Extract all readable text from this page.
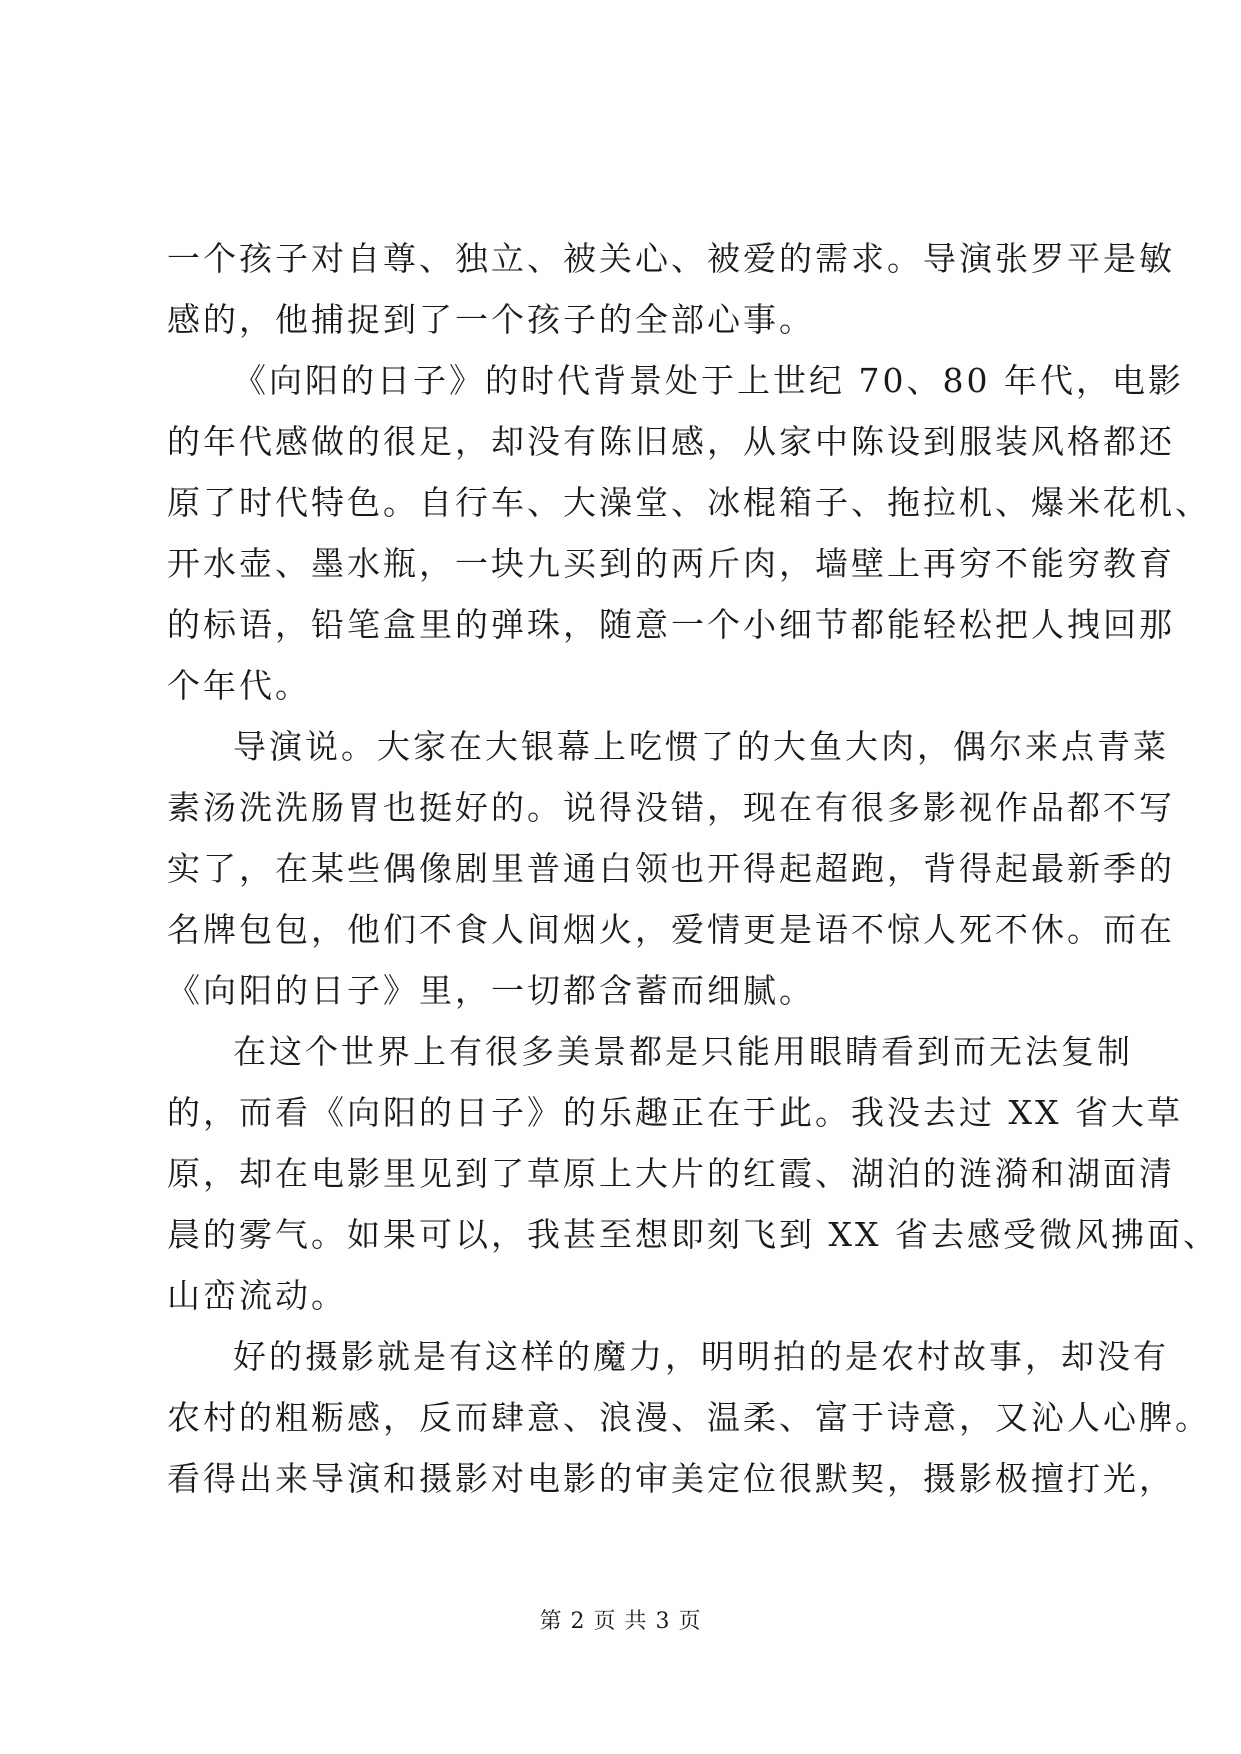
一个孩子对自尊、独立、被关心、被爱的需求。导演张罗平是敏
感的，他捕捉到了一个孩子的全部心事。
《向阳的日子》的时代背景处于上世纪 70、80 年代，电影
的年代感做的很足，却没有陈旧感，从家中陈设到服装风格都还
原了时代特色。自行车、大澡堂、冰棍箱子、拖拉机、爆米花机、
开水壶、墨水瓶，一块九买到的两斤肉，墙壁上再穷不能穷教育
的标语，铅笔盒里的弹珠，随意一个小细节都能轻松把人拽回那
个年代。
导演说。大家在大银幕上吃惯了的大鱼大肉，偶尔来点青菜
素汤洗洗肠胃也挺好的。说得没错，现在有很多影视作品都不写
实了，在某些偶像剧里普通白领也开得起超跑，背得起最新季的
名牌包包，他们不食人间烟火，爱情更是语不惊人死不休。而在
《向阳的日子》里，一切都含蓄而细腻。
在这个世界上有很多美景都是只能用眼睛看到而无法复制
的，而看《向阳的日子》的乐趣正在于此。我没去过 XX 省大草
原，却在电影里见到了草原上大片的红霞、湖泊的涟漪和湖面清
晨的雾气。如果可以，我甚至想即刻飞到 XX 省去感受微风拂面、
山峦流动。
好的摄影就是有这样的魔力，明明拍的是农村故事，却没有
农村的粗粝感，反而肆意、浪漫、温柔、富于诗意，又沁人心脾。
看得出来导演和摄影对电影的审美定位很默契，摄影极擅打光，
第 2 页 共 3 页
